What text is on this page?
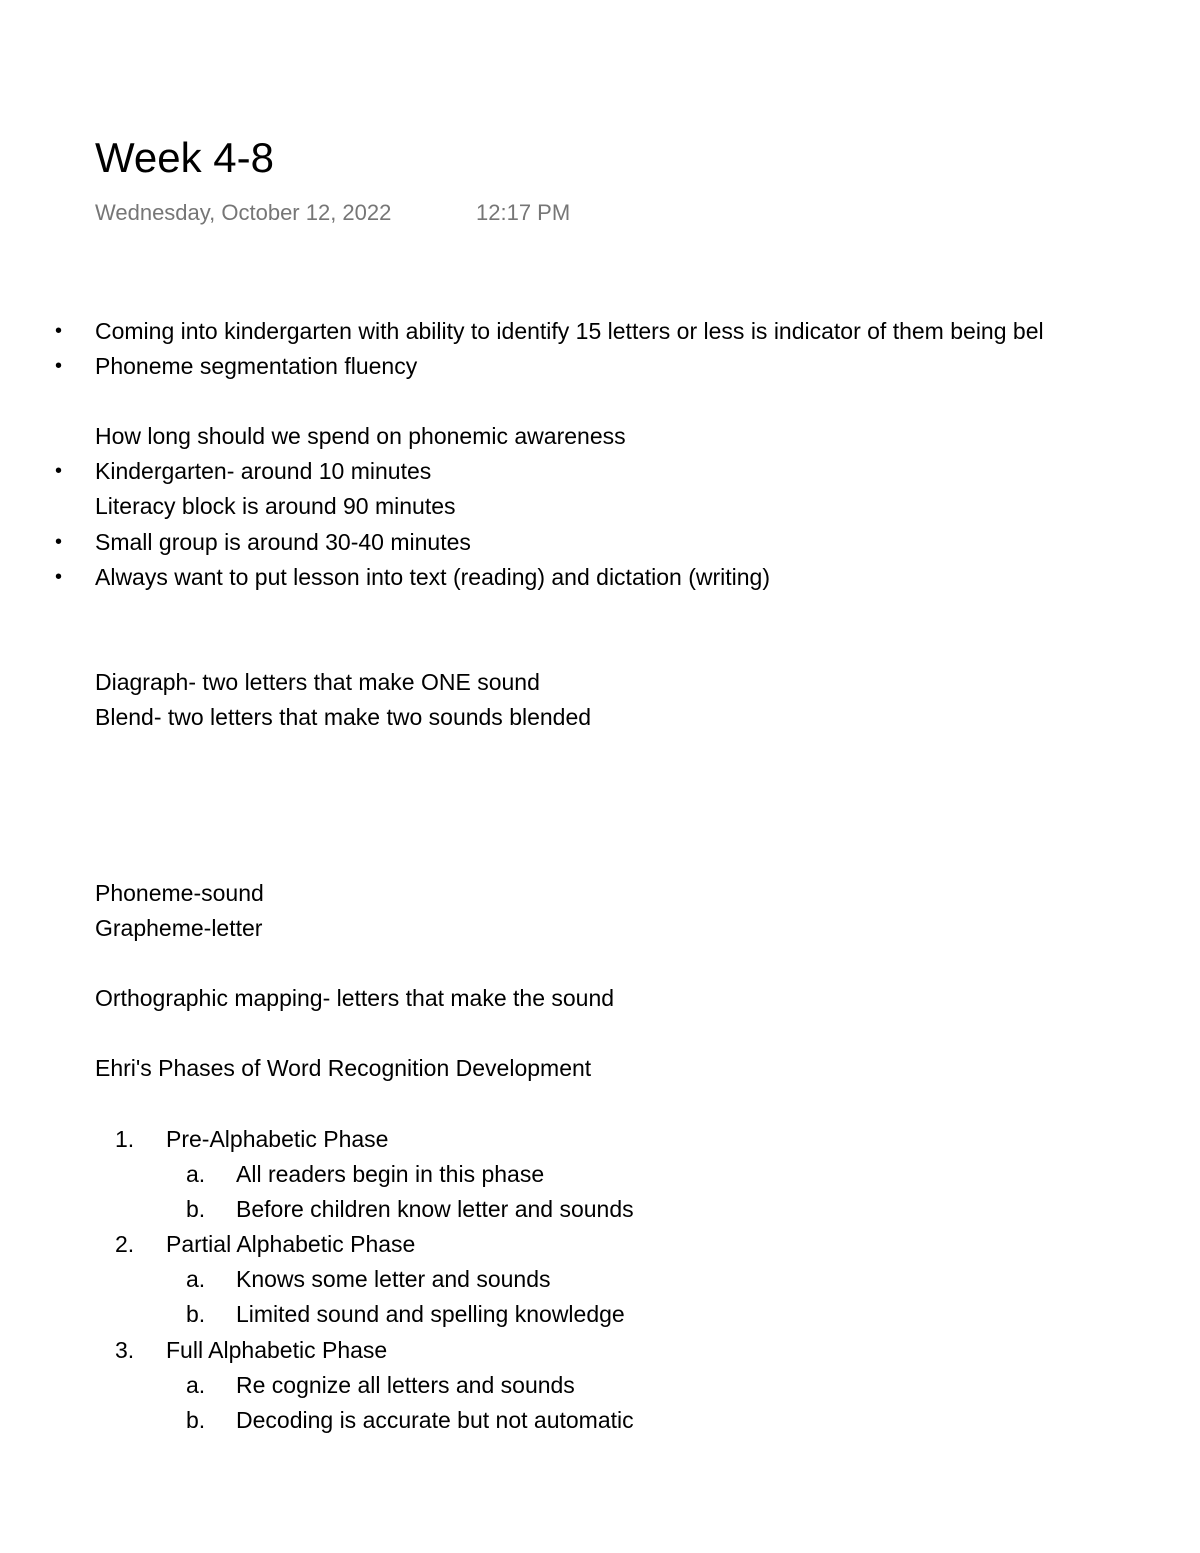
Week 4-8
Wednesday, October 12, 2022	12:17 PM
• Coming into kindergarten with ability to identify 15 letters or less is indicator of them being bel
• Phoneme segmentation fluency
How long should we spend on phonemic awareness
• Kindergarten- around 10 minutes
Literacy block is around 90 minutes
• Small group is around 30-40 minutes
• Always want to put lesson into text (reading) and dictation (writing)
Diagraph- two letters that make ONE sound
Blend- two letters that make two sounds blended
Phoneme-sound
Grapheme-letter
Orthographic mapping- letters that make the sound
Ehri's Phases of Word Recognition Development
1. Pre-Alphabetic Phase
a. All readers begin in this phase
b. Before children know letter and sounds
2. Partial Alphabetic Phase
a. Knows some letter and sounds
b. Limited sound and spelling knowledge
3. Full Alphabetic Phase
a. Re cognize all letters and sounds
b. Decoding is accurate but not automatic
